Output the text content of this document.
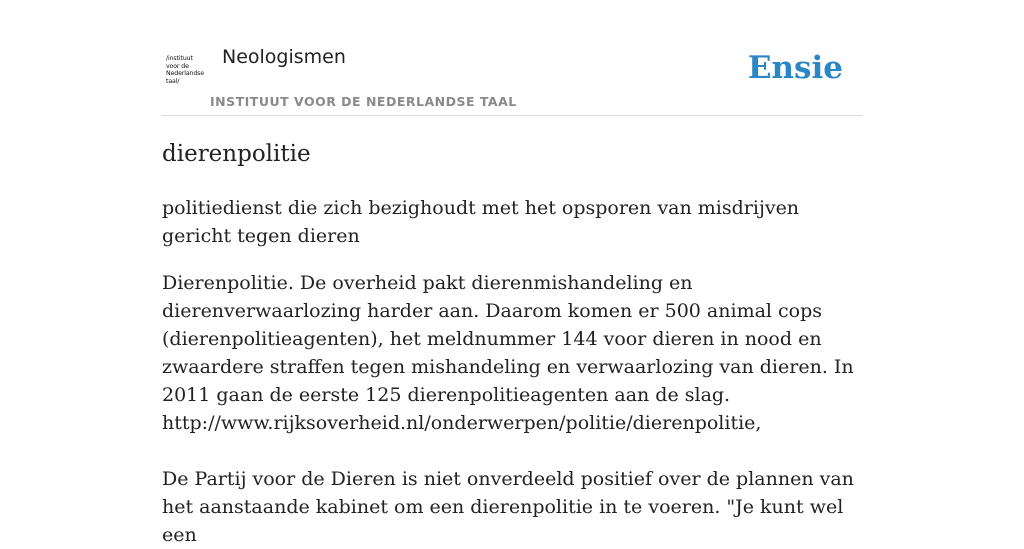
/instituut
voor de
Nederlandse
taal/
Neologismen
INSTITUUT VOOR DE NEDERLANDSE TAAL
Ensie
dierenpolitie

politiedienst die zich bezighoudt met het opsporen van misdrijven gericht tegen dieren

Dierenpolitie. De overheid pakt dierenmishandeling en dierenverwaarlozing harder aan. Daarom komen er 500 animal cops (dierenpolitieagenten), het meldnummer 144 voor dieren in nood en zwaardere straffen tegen mishandeling en verwaarlozing van dieren. In 2011 gaan de eerste 125 dierenpolitieagenten aan de slag.

http://www.rijksoverheid.nl/onderwerpen/politie/dierenpolitie,

De Partij voor de Dieren is niet onverdeeld positief over de plannen van het aanstaande kabinet om een dierenpolitie in te voeren. "Je kunt wel een
